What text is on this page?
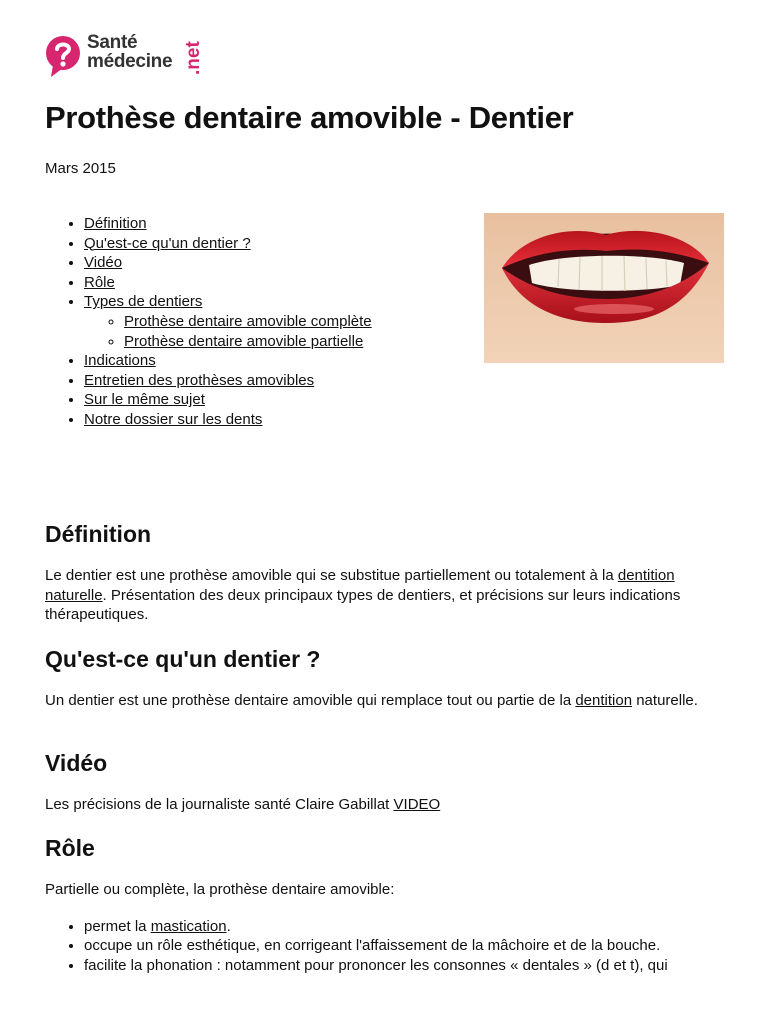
Santé
médecine .net
Prothèse dentaire amovible - Dentier
Mars 2015
• Définition
• Qu'est-ce qu'un dentier ?
• Vidéo
• Rôle
• Types de dentiers
◦ Prothèse dentaire amovible complète
◦ Prothèse dentaire amovible partielle
• Indications
• Entretien des prothèses amovibles
• Sur le même sujet
• Notre dossier sur les dents
Définition

Le dentier est une prothèse amovible qui se substitue partiellement ou totalement à la dentition naturelle. Présentation des deux principaux types de dentiers, et précisions sur leurs indications thérapeutiques.

Qu'est-ce qu'un dentier ?

Un dentier est une prothèse dentaire amovible qui remplace tout ou partie de la dentition naturelle.

Vidéo

Les précisions de la journaliste santé Claire Gabillat VIDEO

Rôle

Partielle ou complète, la prothèse dentaire amovible:

• permet la mastication.
• occupe un rôle esthétique, en corrigeant l'affaissement de la mâchoire et de la bouche.
• facilite la phonation : notamment pour prononcer les consonnes « dentales » (d et t), qui
